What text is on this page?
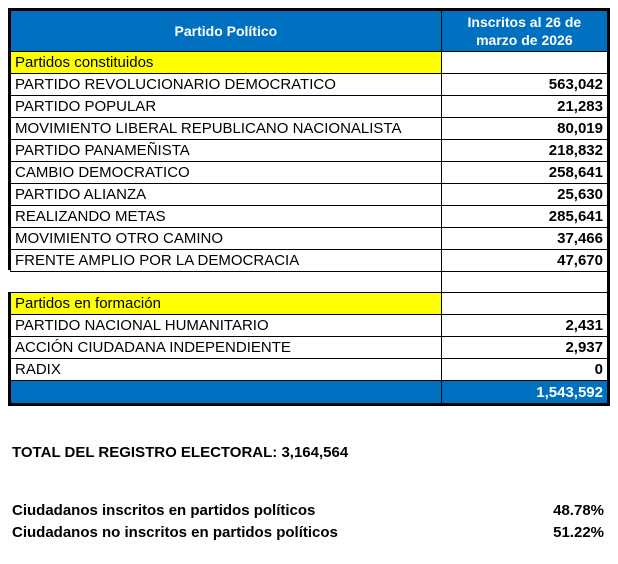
Partido Político	Inscritos al 26 de marzo de 2026
Partidos constituidos	
PARTIDO REVOLUCIONARIO DEMOCRATICO	563,042
PARTIDO POPULAR	21,283
MOVIMIENTO LIBERAL REPUBLICANO NACIONALISTA	80,019
PARTIDO PANAMEÑISTA	218,832
CAMBIO DEMOCRATICO	258,641
PARTIDO ALIANZA	25,630
REALIZANDO METAS	285,641
MOVIMIENTO OTRO CAMINO	37,466
FRENTE AMPLIO POR LA DEMOCRACIA	47,670

Partidos en formación	
PARTIDO NACIONAL HUMANITARIO	2,431
ACCIÓN CIUDADANA INDEPENDIENTE	2,937
RADIX	0
	1,543,592
TOTAL DEL REGISTRO ELECTORAL: 3,164,564
Ciudadanos inscritos en partidos políticos	48.78%
Ciudadanos no inscritos en partidos políticos	51.22%
